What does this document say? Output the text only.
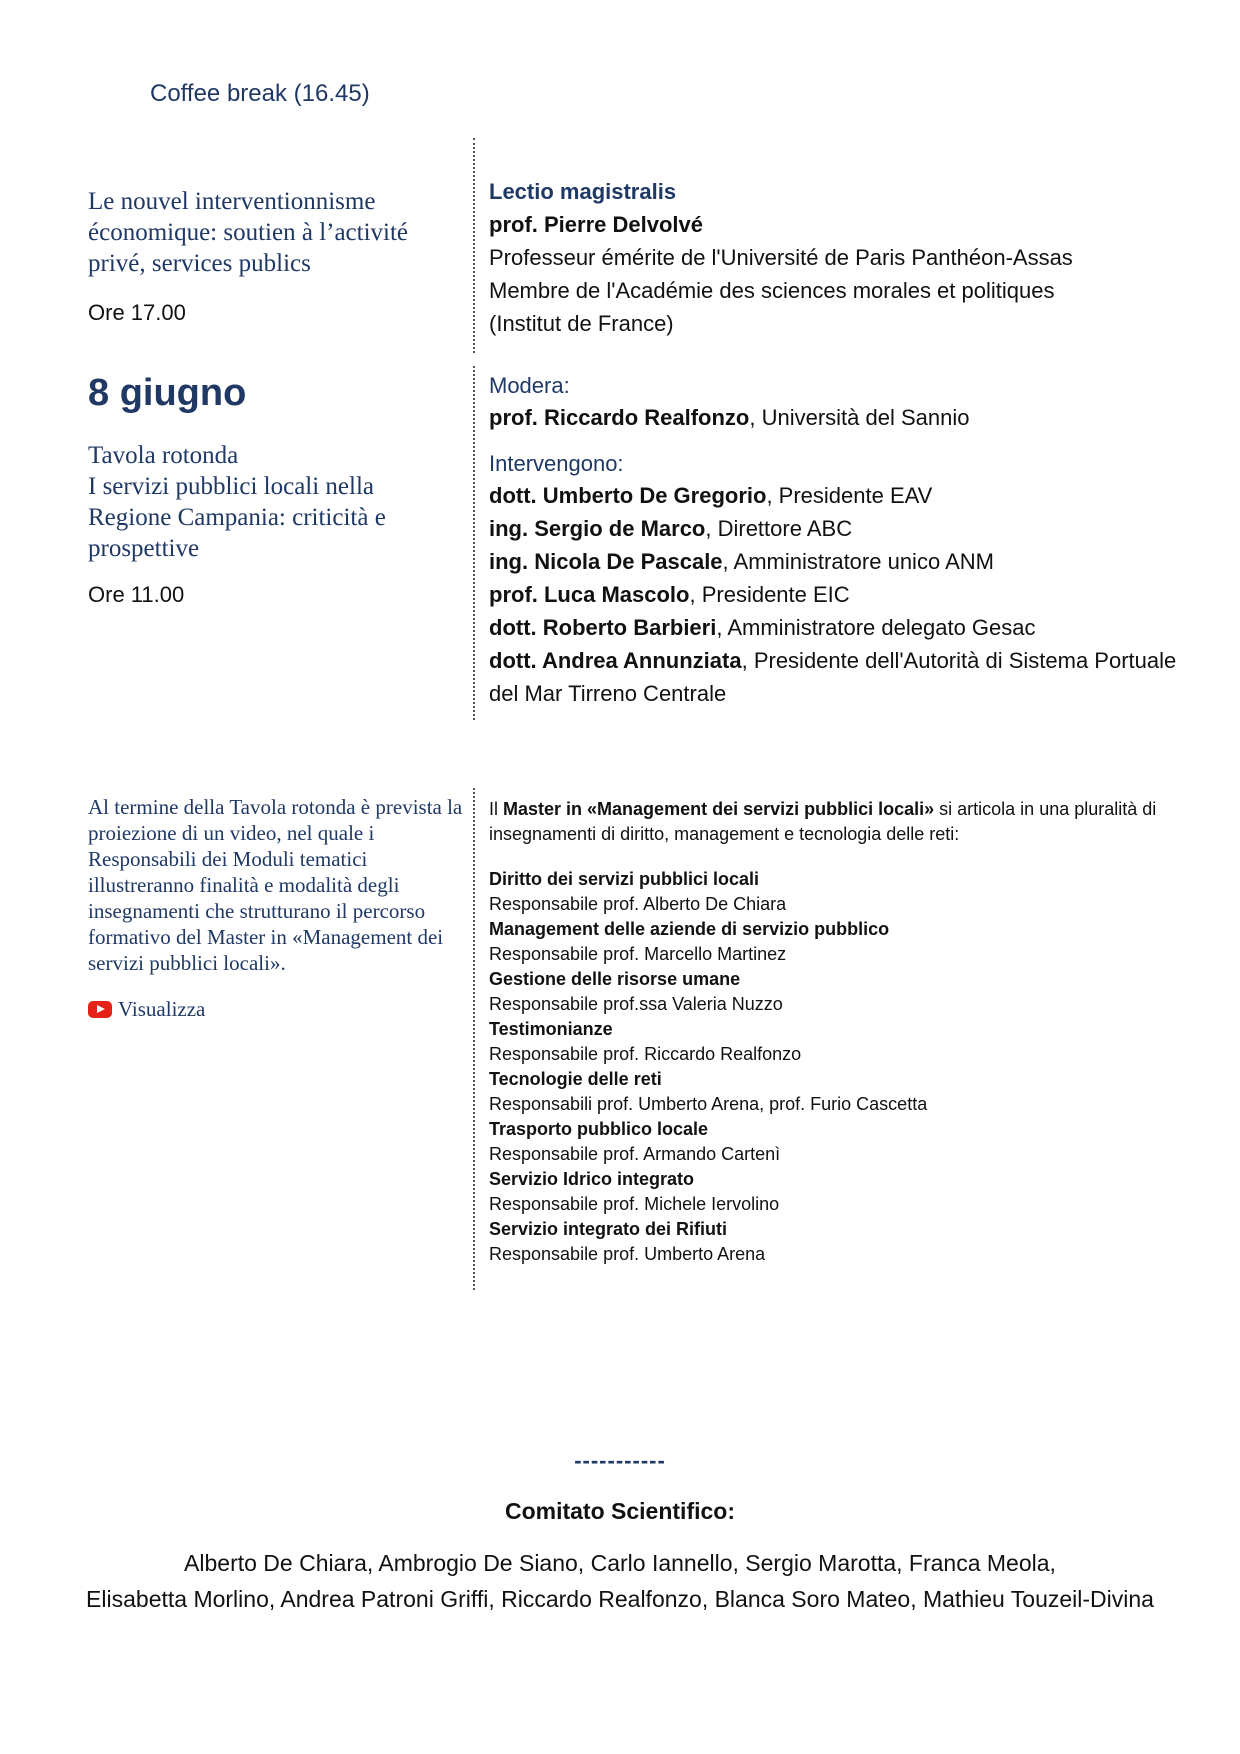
Coffee break (16.45)
Le nouvel interventionnisme économique: soutien à l’activité privé, services publics
Ore 17.00
Lectio magistralis
prof. Pierre Delvolvé
Professeur émérite de l'Université de Paris Panthéon-Assas
Membre de l'Académie des sciences morales et politiques
(Institut de France)
8 giugno
Tavola rotonda
I servizi pubblici locali nella Regione Campania: criticità e prospettive
Ore 11.00
Modera:
prof. Riccardo Realfonzo, Università del Sannio
Intervengono:
dott. Umberto De Gregorio, Presidente EAV
ing. Sergio de Marco, Direttore ABC
ing. Nicola De Pascale, Amministratore unico ANM
prof. Luca Mascolo, Presidente EIC
dott. Roberto Barbieri, Amministratore delegato Gesac
dott. Andrea Annunziata, Presidente dell'Autorità di Sistema Portuale del Mar Tirreno Centrale
Al termine della Tavola rotonda è prevista la proiezione di un video, nel quale i Responsabili dei Moduli tematici illustreranno finalità e modalità degli insegnamenti che strutturano il percorso formativo del Master in «Management dei servizi pubblici locali».
Visualizza
Il Master in «Management dei servizi pubblici locali» si articola in una pluralità di insegnamenti di diritto, management e tecnologia delle reti:
Diritto dei servizi pubblici locali
Responsabile prof. Alberto De Chiara
Management delle aziende di servizio pubblico
Responsabile prof. Marcello Martinez
Gestione delle risorse umane
Responsabile prof.ssa Valeria Nuzzo
Testimonianze
Responsabile prof. Riccardo Realfonzo
Tecnologie delle reti
Responsabili prof. Umberto Arena, prof. Furio Cascetta
Trasporto pubblico locale
Responsabile prof. Armando Cartenì
Servizio Idrico integrato
Responsabile prof. Michele Iervolino
Servizio integrato dei Rifiuti
Responsabile prof. Umberto Arena
-----------
Comitato Scientifico:
Alberto De Chiara, Ambrogio De Siano, Carlo Iannello, Sergio Marotta, Franca Meola,
Elisabetta Morlino, Andrea Patroni Griffi, Riccardo Realfonzo, Blanca Soro Mateo, Mathieu Touzeil-Divina
